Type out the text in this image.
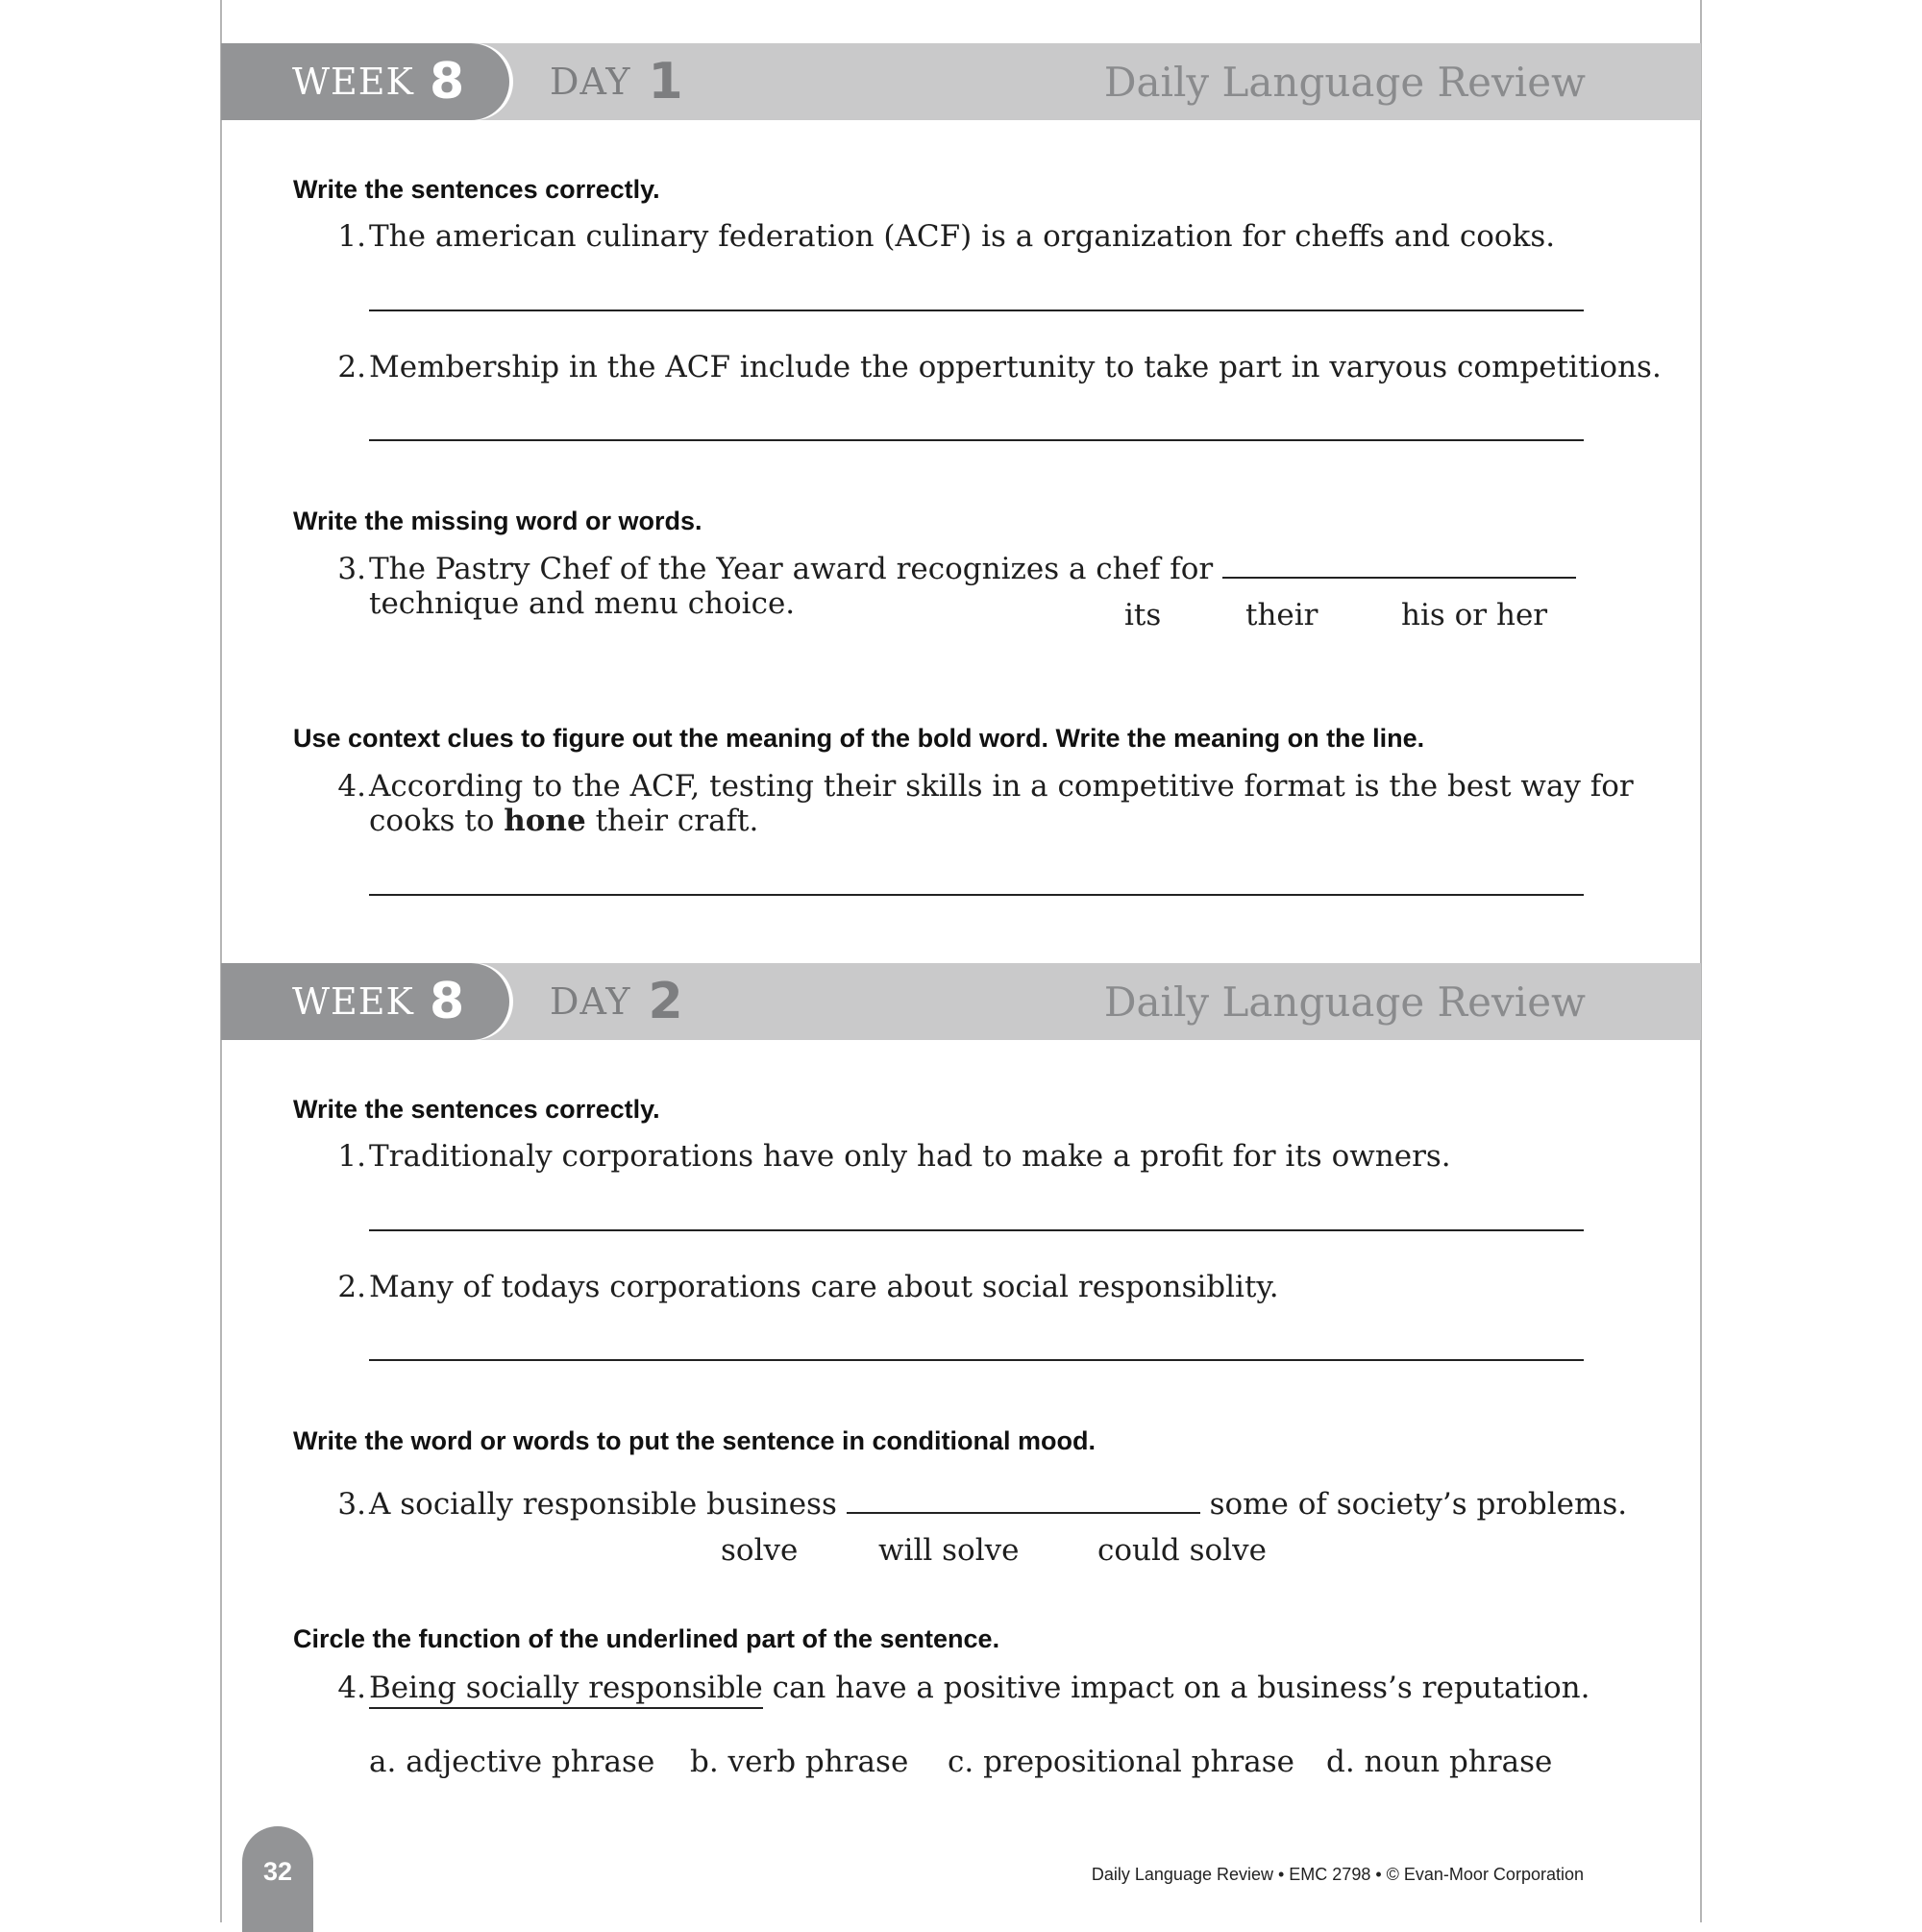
WEEK 8 DAY 1	Daily Language Review
Write the sentences correctly.
1. The american culinary federation (ACF) is a organization for cheffs and cooks.
2. Membership in the ACF include the oppertunity to take part in varyous competitions.
Write the missing word or words.
3. The Pastry Chef of the Year award recognizes a chef for
technique and menu choice.	its	their	his or her
Use context clues to figure out the meaning of the bold word. Write the meaning on the line.
4. According to the ACF, testing their skills in a competitive format is the best way for
cooks to hone their craft.
WEEK 8 DAY 2	Daily Language Review
Write the sentences correctly.
1. Traditionaly corporations have only had to make a profit for its owners.
2. Many of todays corporations care about social responsiblity.
Write the word or words to put the sentence in conditional mood.
3. A socially responsible business	some of society’s problems.
solve	will solve	could solve
Circle the function of the underlined part of the sentence.
4. Being socially responsible can have a positive impact on a business’s reputation.
a. adjective phrase b. verb phrase c. prepositional phrase d. noun phrase
32	Daily Language Review • EMC 2798 • © Evan-Moor Corporation
